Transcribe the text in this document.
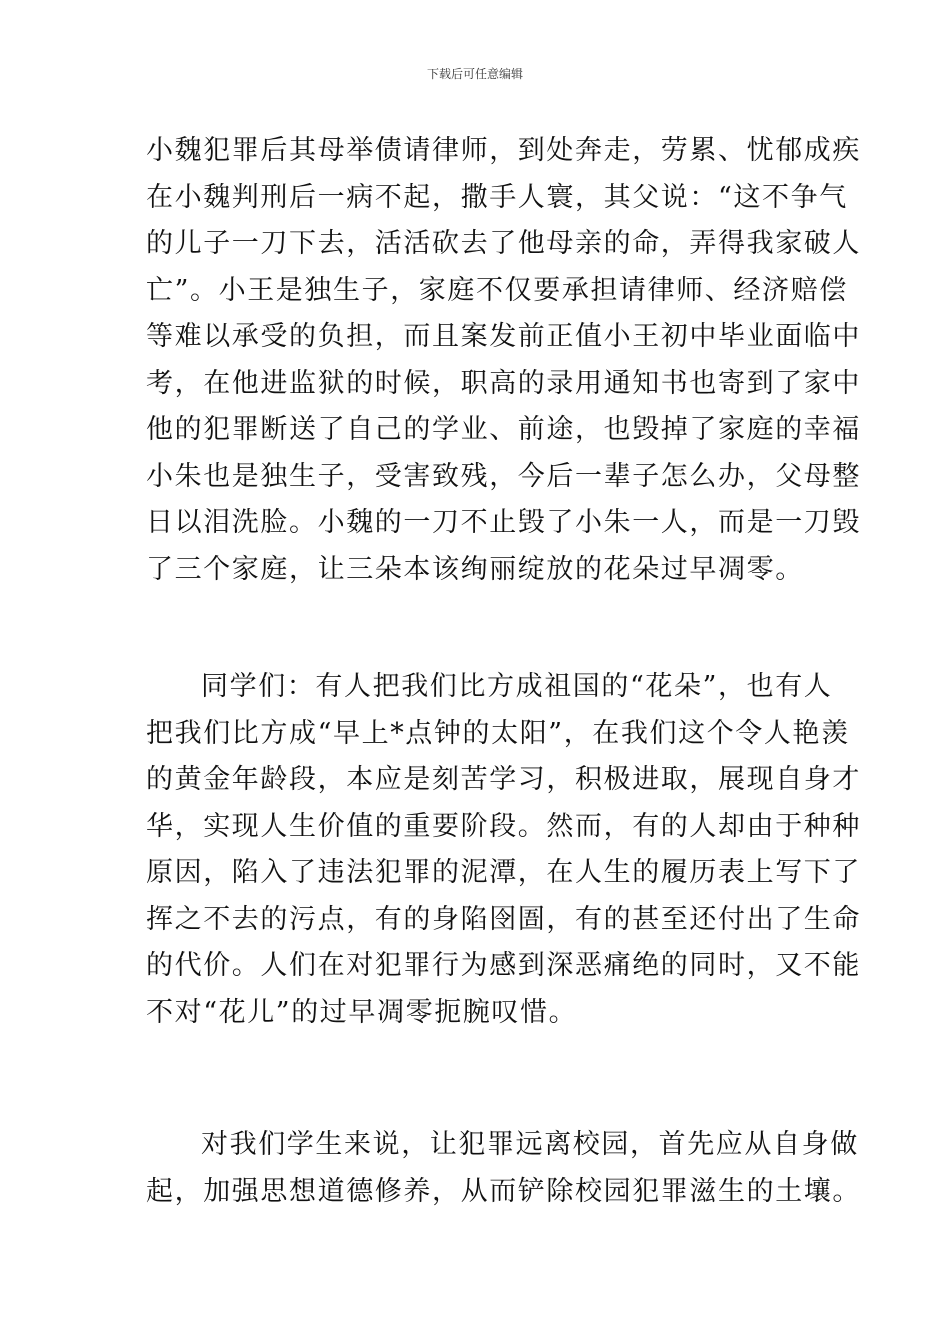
下载后可任意编辑
小魏犯罪后其母举债请律师，到处奔走，劳累、忧郁成疾
在小魏判刑后一病不起，撒手人寰，其父说：“这不争气
的儿子一刀下去，活活砍去了他母亲的命，弄得我家破人
亡”。小王是独生子，家庭不仅要承担请律师、经济赔偿
等难以承受的负担，而且案发前正值小王初中毕业面临中
考，在他进监狱的时候，职高的录用通知书也寄到了家中
他的犯罪断送了自己的学业、前途，也毁掉了家庭的幸福
小朱也是独生子，受害致残，今后一辈子怎么办，父母整
日以泪洗脸。小魏的一刀不止毁了小朱一人，而是一刀毁
了三个家庭，让三朵本该绚丽绽放的花朵过早凋零。
同学们：有人把我们比方成祖国的“花朵”，也有人
把我们比方成“早上*点钟的太阳”，在我们这个令人艳羡
的黄金年龄段，本应是刻苦学习，积极进取，展现自身才
华，实现人生价值的重要阶段。然而，有的人却由于种种
原因，陷入了违法犯罪的泥潭，在人生的履历表上写下了
挥之不去的污点，有的身陷囹圄，有的甚至还付出了生命
的代价。人们在对犯罪行为感到深恶痛绝的同时，又不能
不对“花儿”的过早凋零扼腕叹惜。
对我们学生来说，让犯罪远离校园，首先应从自身做
起，加强思想道德修养，从而铲除校园犯罪滋生的土壤。
